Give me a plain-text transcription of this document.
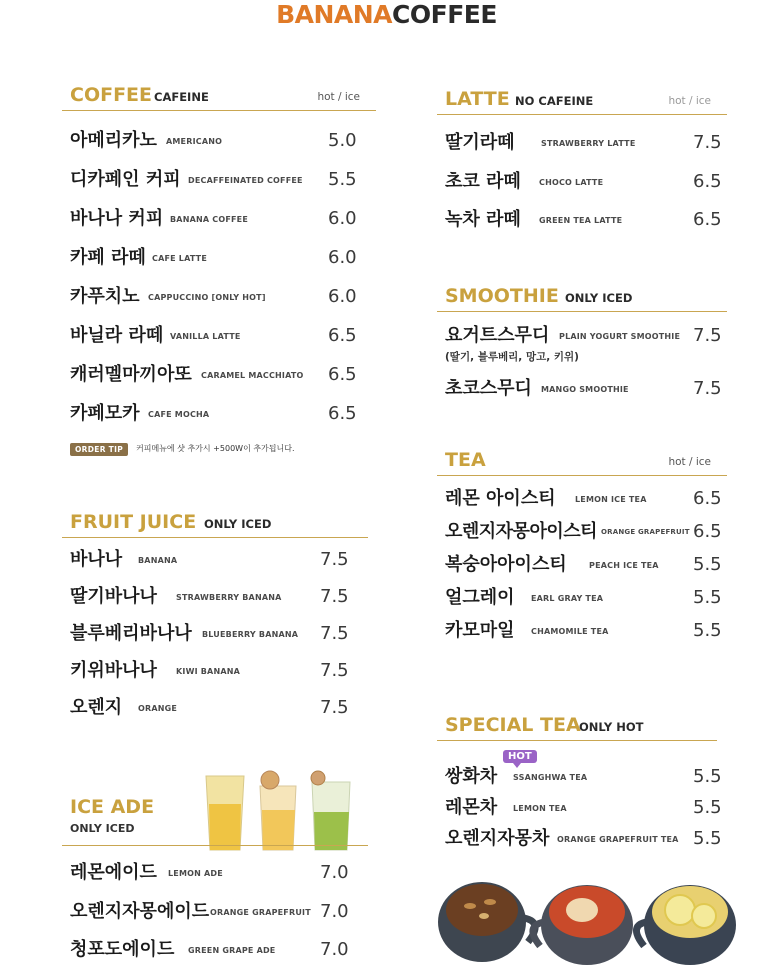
BANANACOFFEE
COFFEE CAFEINE	hot / ice
아메리카노 AMERICANO	5.0
디카페인 커피 DECAFFEINATED COFFEE 5.5
바나나 커피 BANANA COFFEE	6.0
카페 라떼 CAFE LATTE	6.0
카푸치노 CAPPUCCINO [ONLY HOT]	6.0
바닐라 라떼 VANILLA LATTE	6.5
캐러멜마끼아또 CARAMEL MACCHIATO 6.5
카페모카 CAFE MOCHA	6.5
ORDER TIP	커피메뉴에 샷 추가시 +500W이 추가됩니다.
FRUIT JUICE ONLY ICED
바나나 BANANA	7.5
딸기바나나 STRAWBERRY BANANA 7.5
블루베리바나나 BLUEBERRY BANANA 7.5
키위바나나 KIWI BANANA	7.5
오렌지 ORANGE	7.5
ICE ADE
ONLY ICED
레몬에이드 LEMON ADE	7.0
오렌지자몽에이드 ORANGE GRAPEFRUIT 7.0
청포도에이드 GREEN GRAPE ADE 7.0
LATTE NO CAFEINE	hot / ice
딸기라떼	STRAWBERRY LATTE	7.5
초코 라떼 CHOCO LATTE	6.5
녹차 라떼 GREEN TEA LATTE	6.5
SMOOTHIE ONLY ICED
요거트스무디 PLAIN YOGURT SMOOTHIE 7.5
(딸기, 블루베리, 망고, 키위)
초코스무디 MANGO SMOOTHIE	7.5
TEA	hot / ice
레몬 아이스티 LEMON ICE TEA	6.5
오렌지자몽아이스티 ORANGE GRAPEFRUIT 6.5
복숭아아이스티	PEACH ICE TEA 5.5
얼그레이 EARL GRAY TEA	5.5
카모마일 CHAMOMILE TEA	5.5
SPECIAL TEA
ONLY HOT
쌍화차 SSANGHWA TEA	5.5
레몬차 LEMON TEA	5.5
오렌지자몽차 ORANGE GRAPEFRUIT TEA 5.5
HOT
